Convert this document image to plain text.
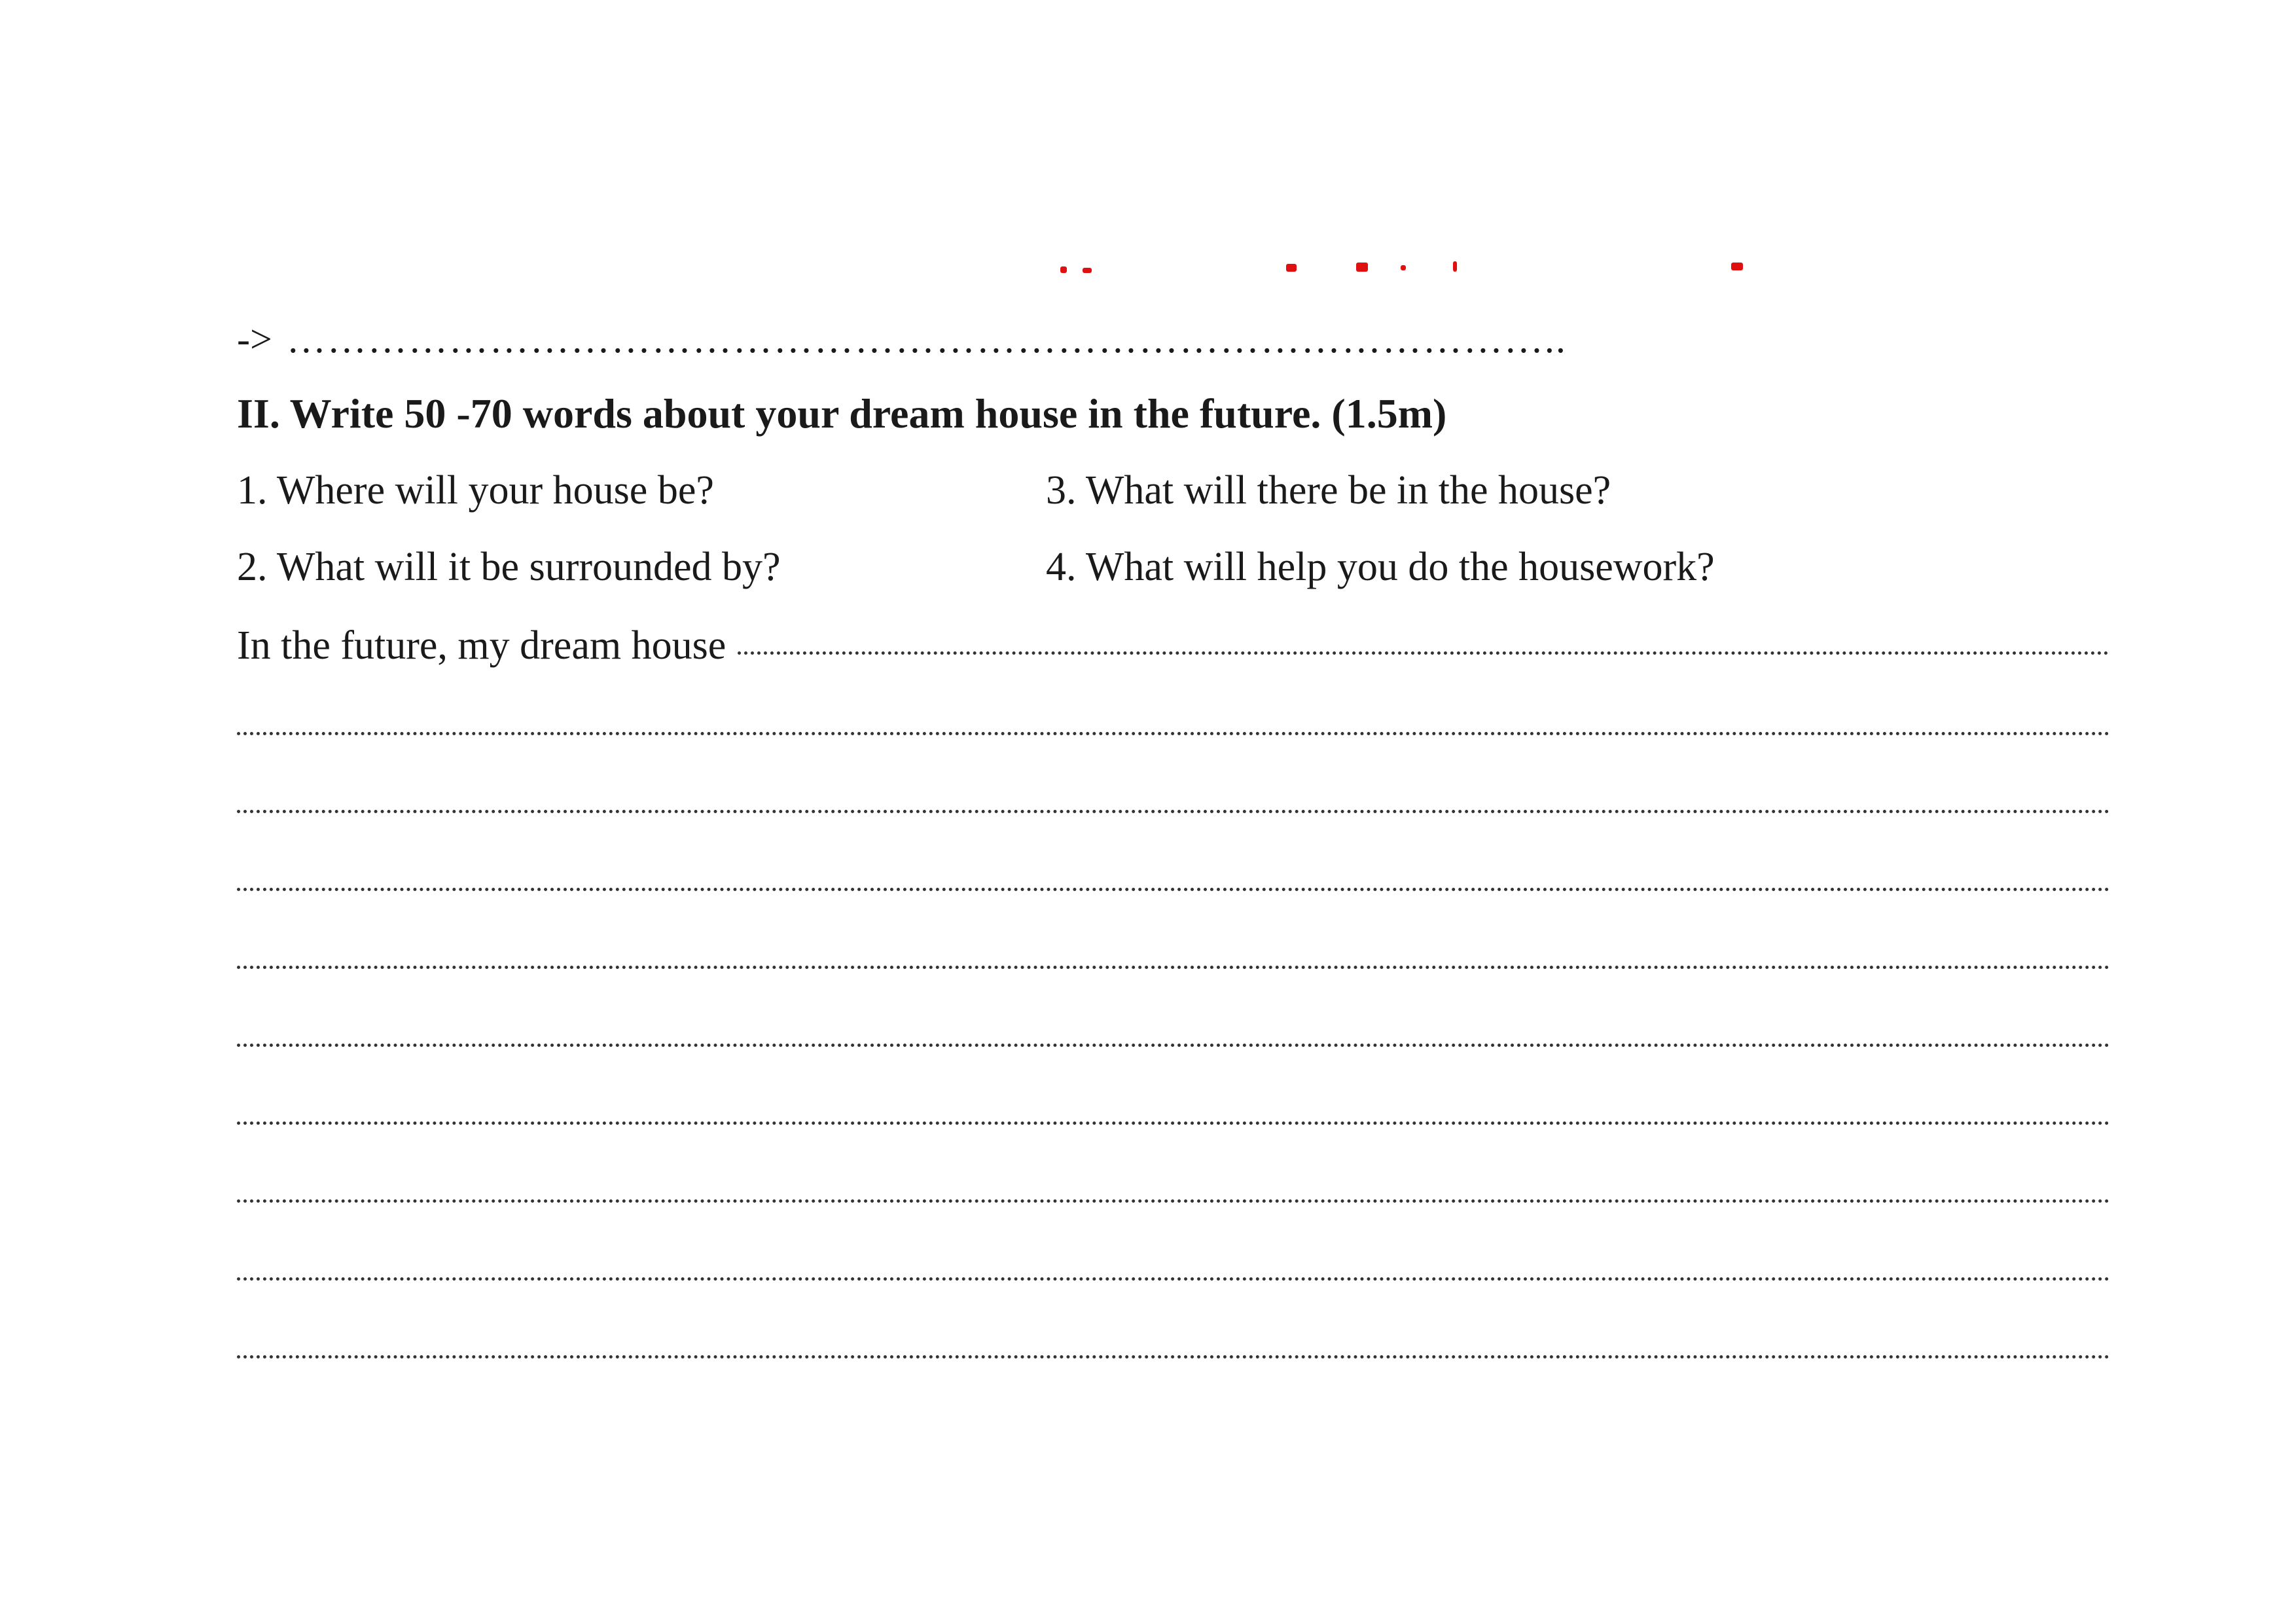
-> …………………………………………………………………………………..
II. Write 50 -70 words about your dream house in the future. (1.5m)
1. Where will your house be?	3. What will there be in the house?
2. What will it be surrounded by?	4. What will help you do the housework?
In the future, my dream house
